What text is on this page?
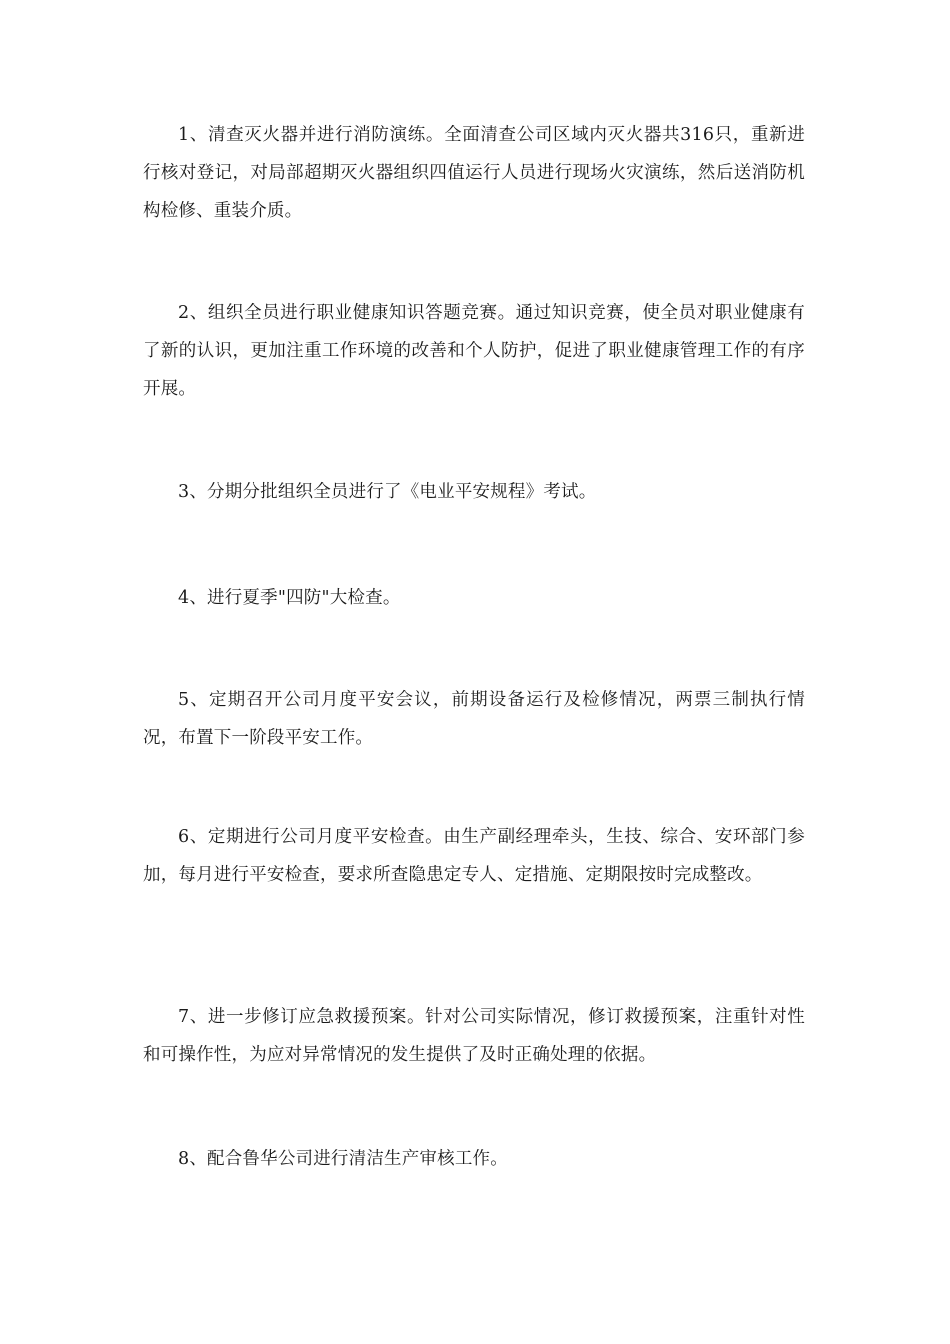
1、清查灭火器并进行消防演练。全面清查公司区域内灭火器共316只，重新进行核对登记，对局部超期灭火器组织四值运行人员进行现场火灾演练，然后送消防机构检修、重装介质。

2、组织全员进行职业健康知识答题竞赛。通过知识竞赛，使全员对职业健康有了新的认识，更加注重工作环境的改善和个人防护，促进了职业健康管理工作的有序开展。

3、分期分批组织全员进行了《电业平安规程》考试。

4、进行夏季"四防"大检查。

5、定期召开公司月度平安会议，前期设备运行及检修情况，两票三制执行情况，布置下一阶段平安工作。

6、定期进行公司月度平安检查。由生产副经理牵头，生技、综合、安环部门参加，每月进行平安检查，要求所查隐患定专人、定措施、定期限按时完成整改。

7、进一步修订应急救援预案。针对公司实际情况，修订救援预案，注重针对性和可操作性，为应对异常情况的发生提供了及时正确处理的依据。

8、配合鲁华公司进行清洁生产审核工作。
